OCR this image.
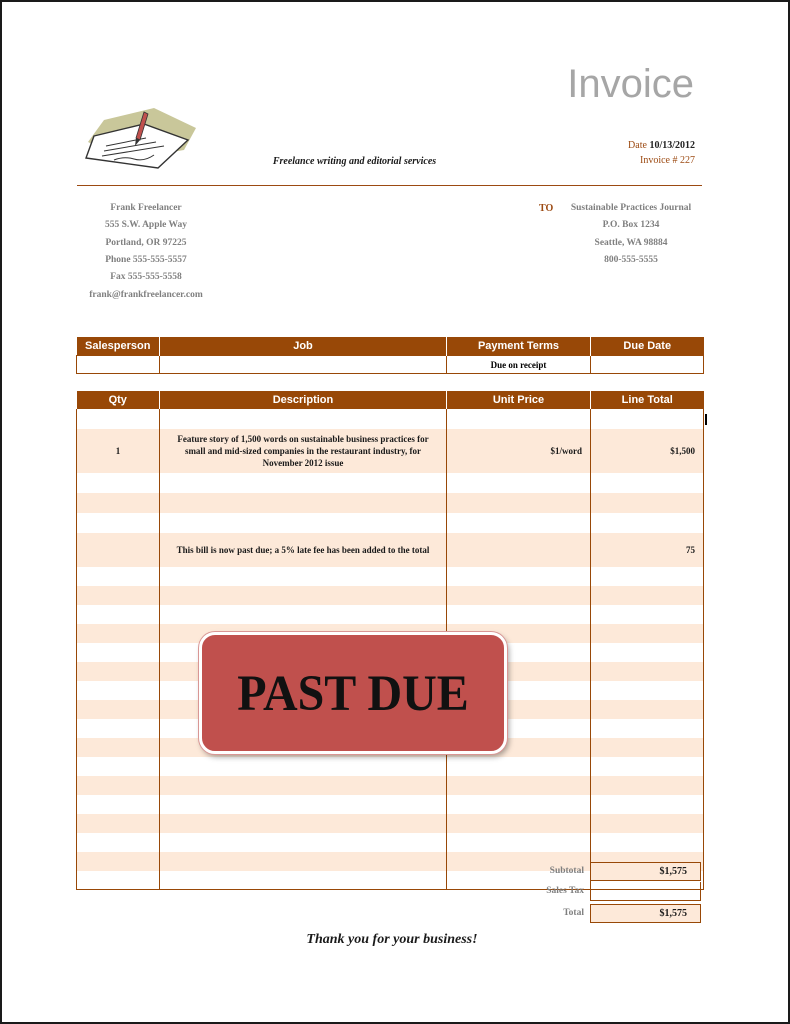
Invoice
Freelance writing and editorial services
Date 10/13/2012
Invoice # 227
Frank Freelancer
555 S.W. Apple Way
Portland, OR 97225
Phone 555-555-5557
Fax 555-555-5558
frank@frankfreelancer.com
TO	Sustainable Practices Journal
P.O. Box 1234
Seattle, WA 98884
800-555-5555
Salesperson	Job	Payment Terms	Due Date
		Due on receipt	
Qty	Description	Unit Price	Line Total

1	Feature story of 1,500 words on sustainable business practices for small and mid-sized companies in the restaurant industry, for November 2012 issue	$1/word	$1,500

	This bill is now past due; a 5% late fee has been added to the total		75

PAST DUE
Subtotal	$1,575
Sales Tax
Total	$1,575
Thank you for your business!
